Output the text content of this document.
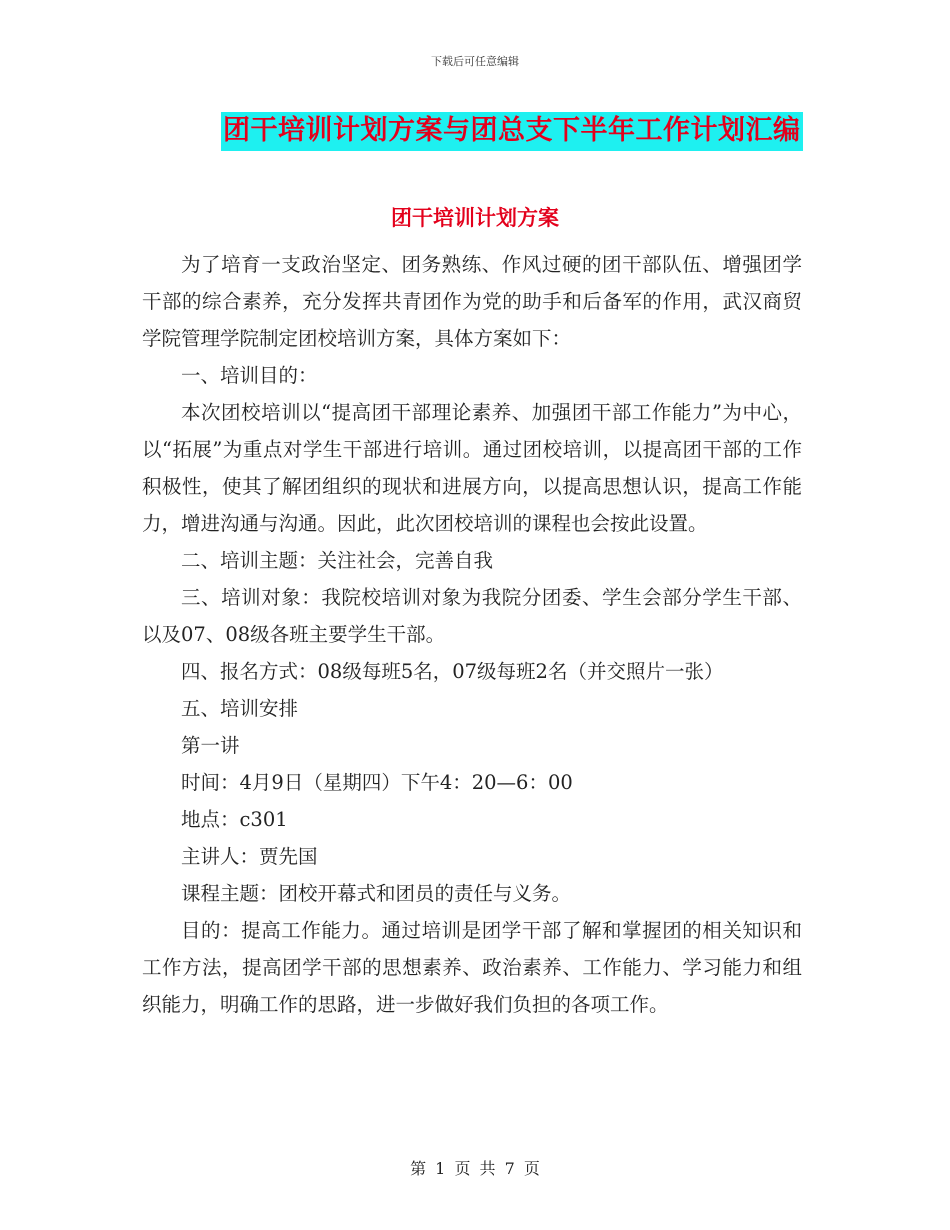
下载后可任意编辑
团干培训计划方案与团总支下半年工作计划汇编
团干培训计划方案

为了培育一支政治坚定、团务熟练、作风过硬的团干部队伍、增强团学干部的综合素养，充分发挥共青团作为党的助手和后备军的作用，武汉商贸学院管理学院制定团校培训方案，具体方案如下：

一、培训目的：

本次团校培训以“提高团干部理论素养、加强团干部工作能力”为中心，以“拓展”为重点对学生干部进行培训。通过团校培训，以提高团干部的工作积极性，使其了解团组织的现状和进展方向，以提高思想认识，提高工作能力，增进沟通与沟通。因此，此次团校培训的课程也会按此设置。

二、培训主题：关注社会，完善自我

三、培训对象：我院校培训对象为我院分团委、学生会部分学生干部、以及07、08级各班主要学生干部。

四、报名方式：08级每班5名，07级每班2名（并交照片一张）

五、培训安排

第一讲

时间：4月9日（星期四）下午4：20—6：00

地点：c301

主讲人：贾先国

课程主题：团校开幕式和团员的责任与义务。

目的：提高工作能力。通过培训是团学干部了解和掌握团的相关知识和工作方法，提高团学干部的思想素养、政治素养、工作能力、学习能力和组织能力，明确工作的思路，进一步做好我们负担的各项工作。

第 1 页 共 7 页
